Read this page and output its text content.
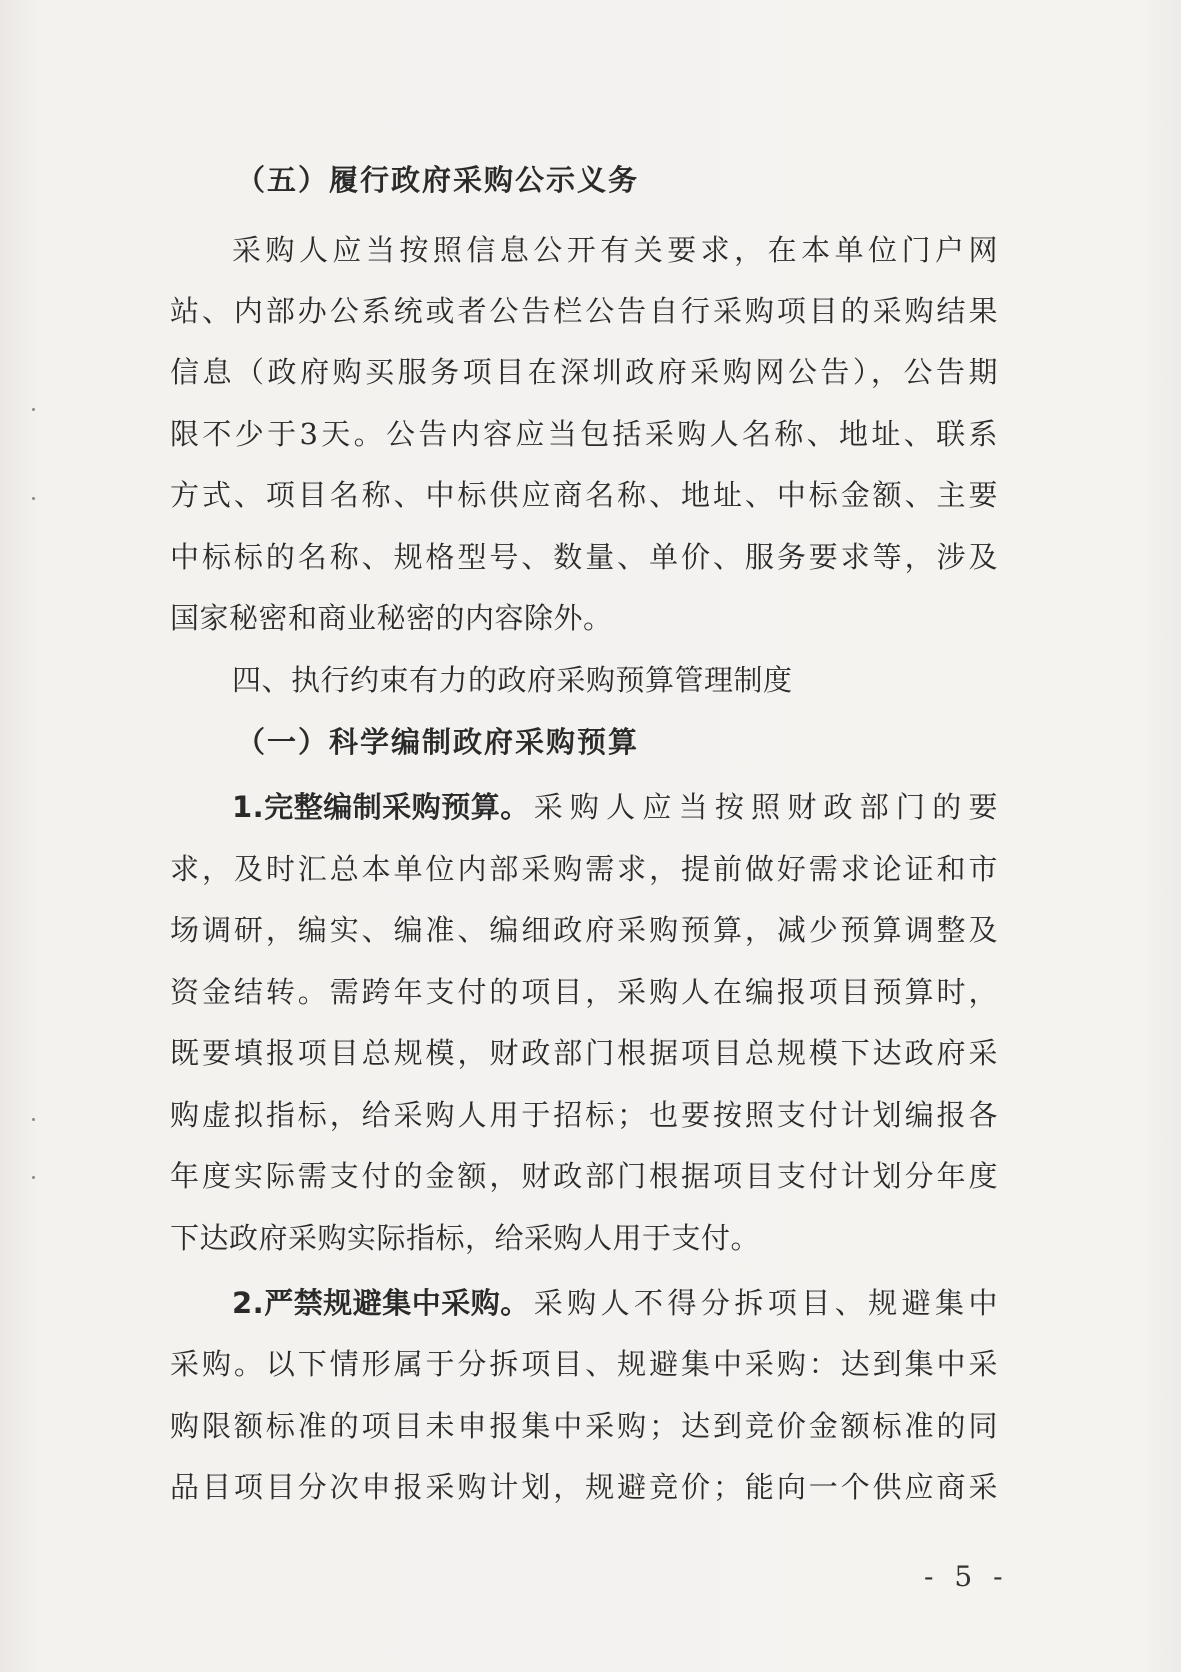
（五）履行政府采购公示义务
采购人应当按照信息公开有关要求，在本单位门户网
站、内部办公系统或者公告栏公告自行采购项目的采购结果
信息（政府购买服务项目在深圳政府采购网公告），公告期
限不少于3天。公告内容应当包括采购人名称、地址、联系
方式、项目名称、中标供应商名称、地址、中标金额、主要
中标标的名称、规格型号、数量、单价、服务要求等，涉及
国家秘密和商业秘密的内容除外。
四、执行约束有力的政府采购预算管理制度
（一）科学编制政府采购预算
1.完整编制采购预算。 采购人应当按照财政部门的要
求，及时汇总本单位内部采购需求，提前做好需求论证和市
场调研，编实、编准、编细政府采购预算，减少预算调整及
资金结转。需跨年支付的项目，采购人在编报项目预算时，
既要填报项目总规模，财政部门根据项目总规模下达政府采
购虚拟指标，给采购人用于招标；也要按照支付计划编报各
年度实际需支付的金额，财政部门根据项目支付计划分年度
下达政府采购实际指标，给采购人用于支付。
2.严禁规避集中采购。 采购人不得分拆项目、规避集中
采购。以下情形属于分拆项目、规避集中采购：达到集中采
购限额标准的项目未申报集中采购；达到竞价金额标准的同
品目项目分次申报采购计划，规避竞价；能向一个供应商采
- 5 -
